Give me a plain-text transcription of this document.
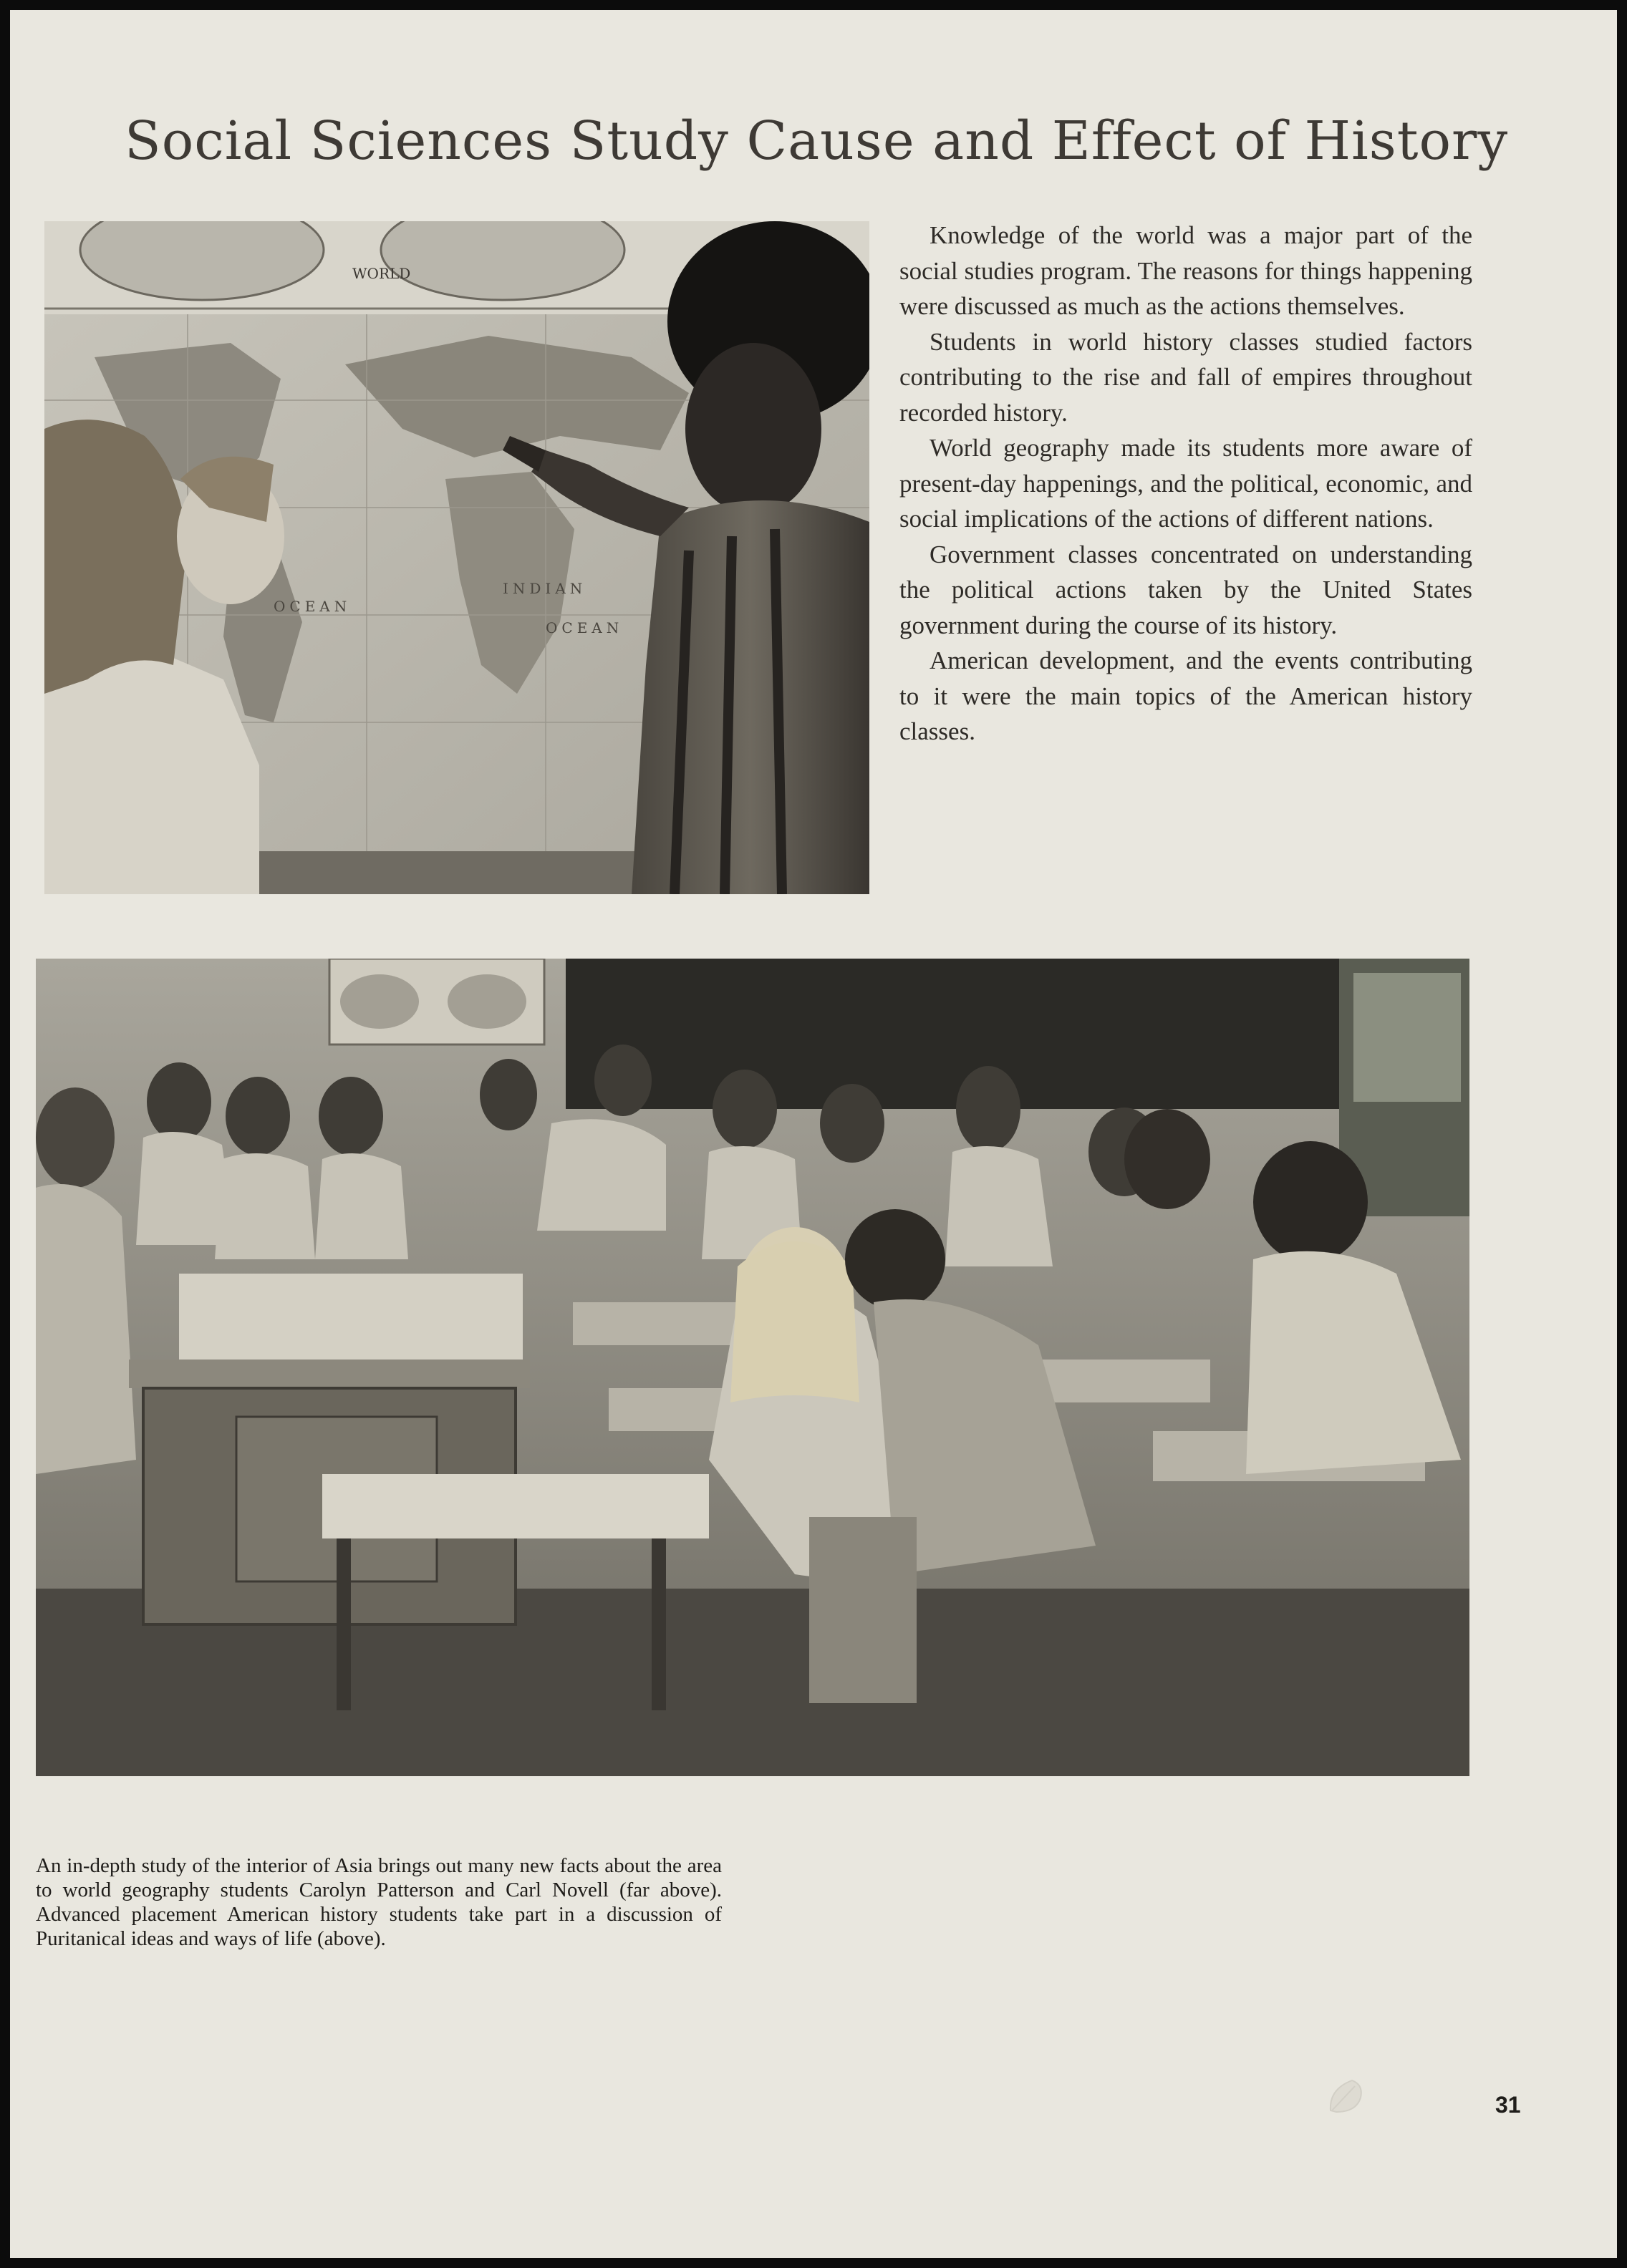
Social Sciences Study Cause and Effect of History
WORLD
OCEAN
INDIAN
OCEAN

Knowledge of the world was a major part of the social studies program. The reasons for things happening were discussed as much as the actions themselves.

Students in world history classes studied factors contributing to the rise and fall of empires throughout recorded history.

World geography made its students more aware of present-day happenings, and the political, economic, and social implications of the actions of different nations.

Government classes concentrated on understanding the political actions taken by the United States government during the course of its history.

American development, and the events contributing to it were the main topics of the American history classes.

An in-depth study of the interior of Asia brings out many new facts about the area to world geography students Carolyn Patterson and Carl Novell (far above). Advanced placement American history students take part in a discussion of Puritanical ideas and ways of life (above).
31
